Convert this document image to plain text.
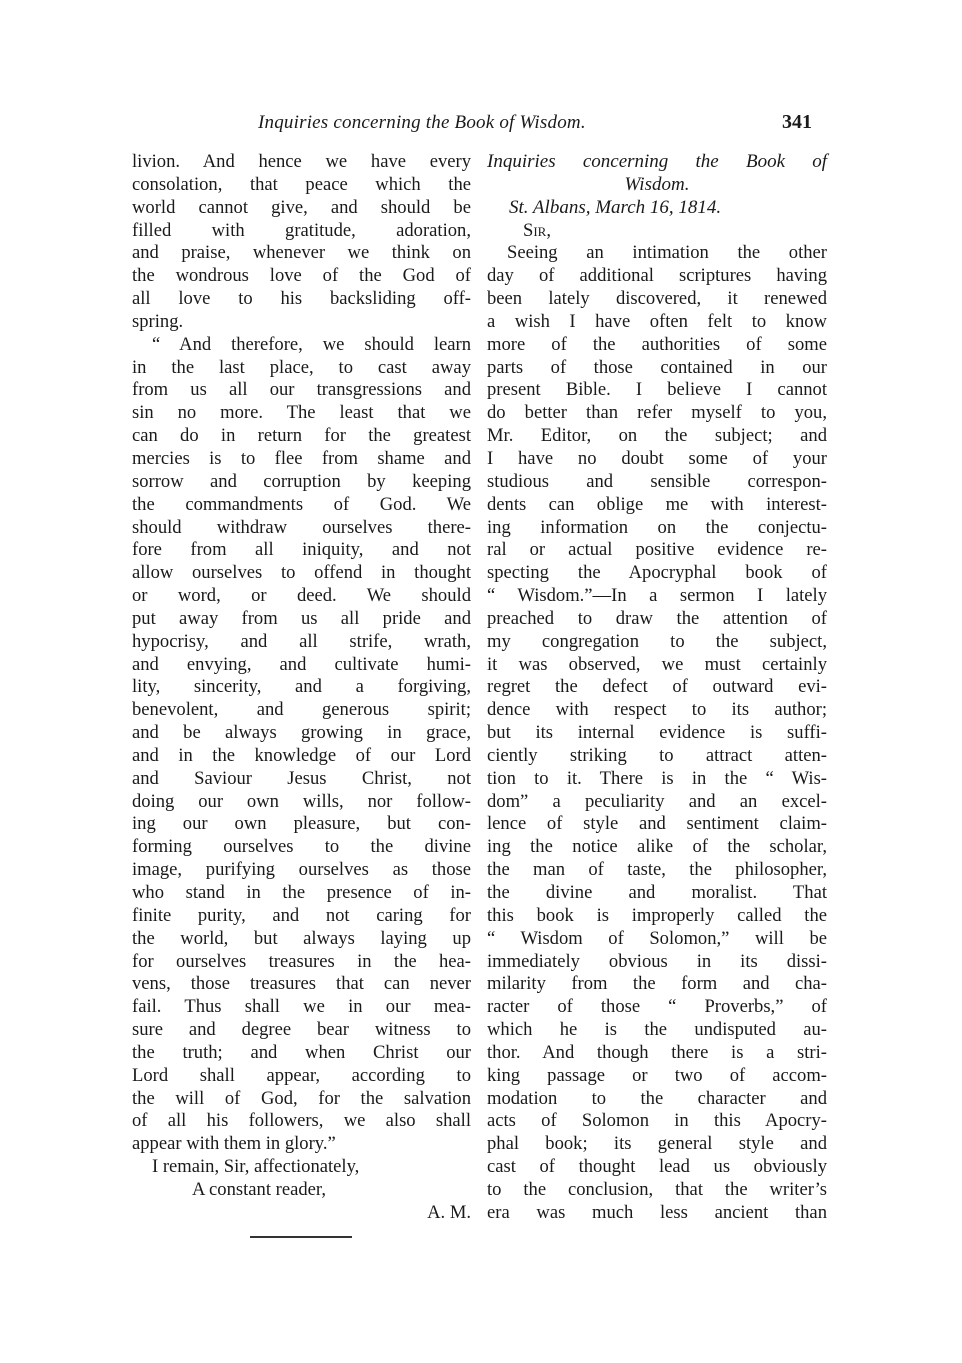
Inquiries concerning the Book of Wisdom.	341
livion. And hence we have every
consolation, that peace which the
world cannot give, and should be
filled with gratitude, adoration,
and praise, whenever we think on
the wondrous love of the God of
all love to his backsliding off-
spring.
“ And therefore, we should learn
in the last place, to cast away
from us all our transgressions and
sin no more. The least that we
can do in return for the greatest
mercies is to flee from shame and
sorrow and corruption by keeping
the commandments of God. We
should withdraw ourselves there-
fore from all iniquity, and not
allow ourselves to offend in thought
or word, or deed. We should
put away from us all pride and
hypocrisy, and all strife, wrath,
and envying, and cultivate humi-
lity, sincerity, and a forgiving,
benevolent, and generous spirit;
and be always growing in grace,
and in the knowledge of our Lord
and Saviour Jesus Christ, not
doing our own wills, nor follow-
ing our own pleasure, but con-
forming ourselves to the divine
image, purifying ourselves as those
who stand in the presence of in-
finite purity, and not caring for
the world, but always laying up
for ourselves treasures in the hea-
vens, those treasures that can never
fail. Thus shall we in our mea-
sure and degree bear witness to
the truth; and when Christ our
Lord shall appear, according to
the will of God, for the salvation
of all his followers, we also shall
appear with them in glory.”
I remain, Sir, affectionately,
A constant reader,
A. M.
Inquiries concerning the Book of
Wisdom.
St. Albans, March 16, 1814.
Sir,
Seeing an intimation the other
day of additional scriptures having
been lately discovered, it renewed
a wish I have often felt to know
more of the authorities of some
parts of those contained in our
present Bible. I believe I cannot
do better than refer myself to you,
Mr. Editor, on the subject; and
I have no doubt some of your
studious and sensible correspon-
dents can oblige me with interest-
ing information on the conjectu-
ral or actual positive evidence re-
specting the Apocryphal book of
“ Wisdom.”—In a sermon I lately
preached to draw the attention of
my congregation to the subject,
it was observed, we must certainly
regret the defect of outward evi-
dence with respect to its author;
but its internal evidence is suffi-
ciently striking to attract atten-
tion to it. There is in the “ Wis-
dom” a peculiarity and an excel-
lence of style and sentiment claim-
ing the notice alike of the scholar,
the man of taste, the philosopher,
the divine and moralist. That
this book is improperly called the
“ Wisdom of Solomon,” will be
immediately obvious in its dissi-
milarity from the form and cha-
racter of those “ Proverbs,” of
which he is the undisputed au-
thor. And though there is a stri-
king passage or two of accom-
modation to the character and
acts of Solomon in this Apocry-
phal book; its general style and
cast of thought lead us obviously
to the conclusion, that the writer’s
era was much less ancient than
